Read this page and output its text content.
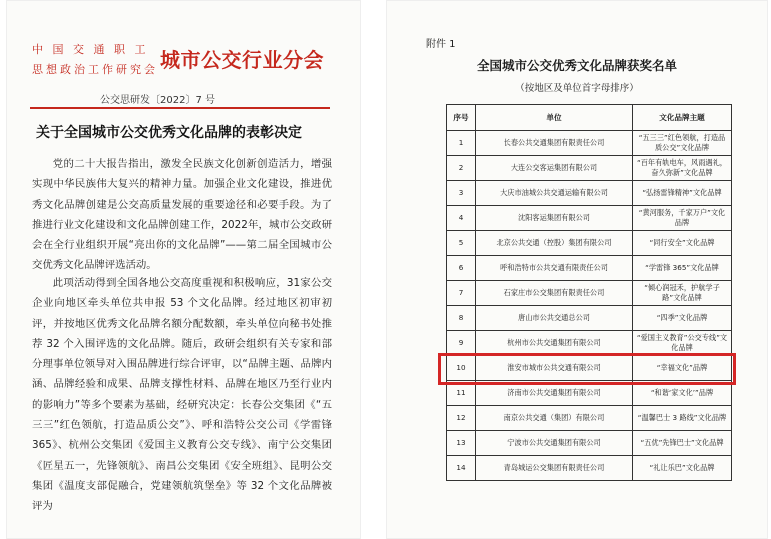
中 国 交 通 职 工
思想政治工作研究会 城市公交行业分会
公交思研发〔2022〕7 号
关于全国城市公交优秀文化品牌的表彰决定
党的二十大报告指出，激发全民族文化创新创造活力，增强实现中华民族伟大复兴的精神力量。加强企业文化建设，推进优秀文化品牌创建是公交高质量发展的重要途径和必要手段。为了推进行业文化建设和文化品牌创建工作，2022年，城市公交政研会在全行业组织开展“亮出你的文化品牌”——第二届全国城市公交优秀文化品牌评选活动。
此项活动得到全国各地公交高度重视和积极响应，31家公交企业向地区牵头单位共申报 53 个文化品牌。经过地区初审初评，并按地区优秀文化品牌名额分配数额，牵头单位向秘书处推荐 32 个入围评选的文化品牌。随后，政研会组织有关专家和部分理事单位领导对入围品牌进行综合评审，以“品牌主题、品牌内涵、品牌经验和成果、品牌支撑性材料、品牌在地区乃至行业内的影响力”等多个要素为基础，经研究决定：长春公交集团《“五三三”红色领航，打造品质公交”》、呼和浩特公交公司《学雷锋365》、杭州公交集团《爱国主义教育公交专线》、南宁公交集团《匠星五一，先锋领航》、南昌公交集团《安全班组》、昆明公交集团《温度支部促融合，党建领航筑堡垒》等 32 个文化品牌被评为
附件 1
全国城市公交优秀文化品牌获奖名单
（按地区及单位首字母排序）
序号	单位	文化品牌主题
1	长春公共交通集团有限责任公司	“五三三”红色领航，打造品质公交”文化品牌
2	大连公交客运集团有限公司	“百年有轨电车，风雨遇礼，奋久弥新”文化品牌
3	大庆市油城公共交通运输有限公司	“弘扬雷锋精神”文化品牌
4	沈阳客运集团有限公司	“黄河服务，千家万户”文化品牌
5	北京公共交通（控股）集团有限公司	“同行安全”文化品牌
6	呼和浩特市公共交通有限责任公司	“学雷锋 365”文化品牌
7	石家庄市公交集团有限责任公司	“倾心润冠禾，护航学子路”文化品牌
8	唐山市公共交通总公司	“四季”文化品牌
9	杭州市公共交通集团有限公司	“爱国主义教育”公交专线”文化品牌
10	淮安市城市公共交通有限公司	“幸福文化”品牌
11	济南市公共交通集团有限公司	“和谐‘家文化’”品牌
12	南京公共交通（集团）有限公司	“温馨巴士 3 路线”文化品牌
13	宁波市公共交通集团有限公司	“五优”先锋巴士”文化品牌
14	青岛城运公交集团有限责任公司	“礼让乐巴”文化品牌
